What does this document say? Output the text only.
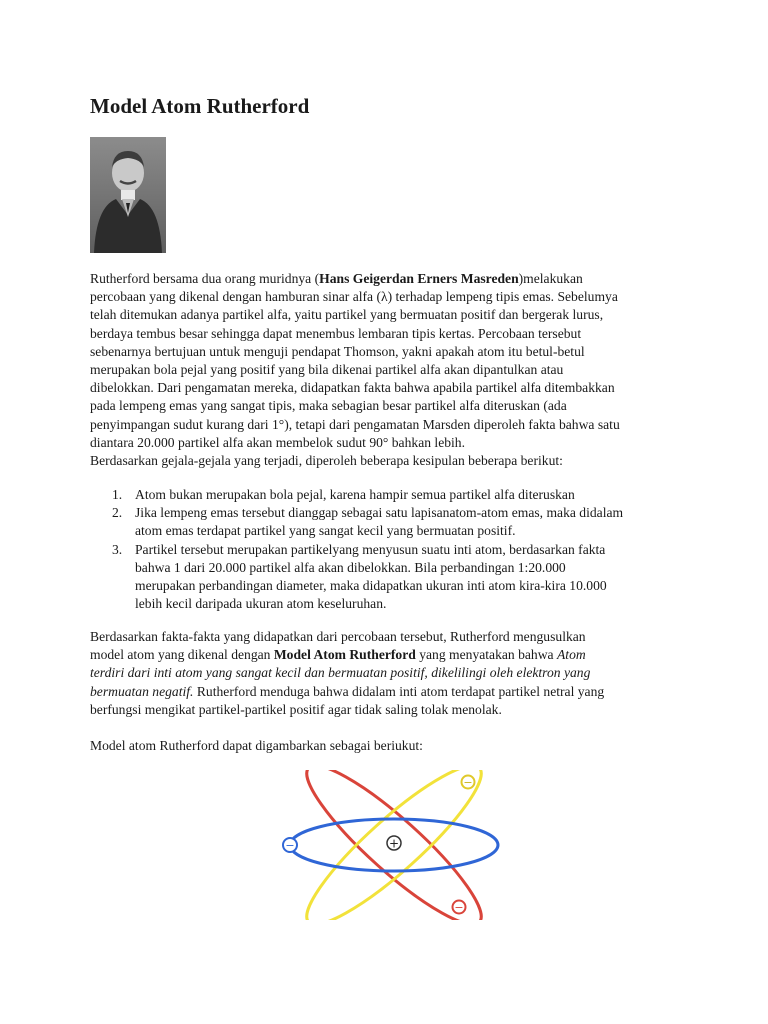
Model Atom Rutherford
Rutherford bersama dua orang muridnya (Hans Geigerdan Erners Masreden)melakukan
percobaan yang dikenal dengan hamburan sinar alfa (λ) terhadap lempeng tipis emas. Sebelumya
telah ditemukan adanya partikel alfa, yaitu partikel yang bermuatan positif dan bergerak lurus,
berdaya tembus besar sehingga dapat menembus lembaran tipis kertas. Percobaan tersebut
sebenarnya bertujuan untuk menguji pendapat Thomson, yakni apakah atom itu betul-betul
merupakan bola pejal yang positif yang bila dikenai partikel alfa akan dipantulkan atau
dibelokkan. Dari pengamatan mereka, didapatkan fakta bahwa apabila partikel alfa ditembakkan
pada lempeng emas yang sangat tipis, maka sebagian besar partikel alfa diteruskan (ada
penyimpangan sudut kurang dari 1°), tetapi dari pengamatan Marsden diperoleh fakta bahwa satu
diantara 20.000 partikel alfa akan membelok sudut 90° bahkan lebih.
Berdasarkan gejala-gejala yang terjadi, diperoleh beberapa kesipulan beberapa berikut:
1. Atom bukan merupakan bola pejal, karena hampir semua partikel alfa diteruskan
2. Jika lempeng emas tersebut dianggap sebagai satu lapisanatom-atom emas, maka didalam
atom emas terdapat partikel yang sangat kecil yang bermuatan positif.
3. Partikel tersebut merupakan partikelyang menyusun suatu inti atom, berdasarkan fakta
bahwa 1 dari 20.000 partikel alfa akan dibelokkan. Bila perbandingan 1:20.000
merupakan perbandingan diameter, maka didapatkan ukuran inti atom kira-kira 10.000
lebih kecil daripada ukuran atom keseluruhan.
Berdasarkan fakta-fakta yang didapatkan dari percobaan tersebut, Rutherford mengusulkan
model atom yang dikenal dengan Model Atom Rutherford yang menyatakan bahwa Atom
terdiri dari inti atom yang sangat kecil dan bermuatan positif, dikelilingi oleh elektron yang
bermuatan negatif. Rutherford menduga bahwa didalam inti atom terdapat partikel netral yang
berfungsi mengikat partikel-partikel positif agar tidak saling tolak menolak.
Model atom Rutherford dapat digambarkan sebagai beriukut:
+
−
−
−
